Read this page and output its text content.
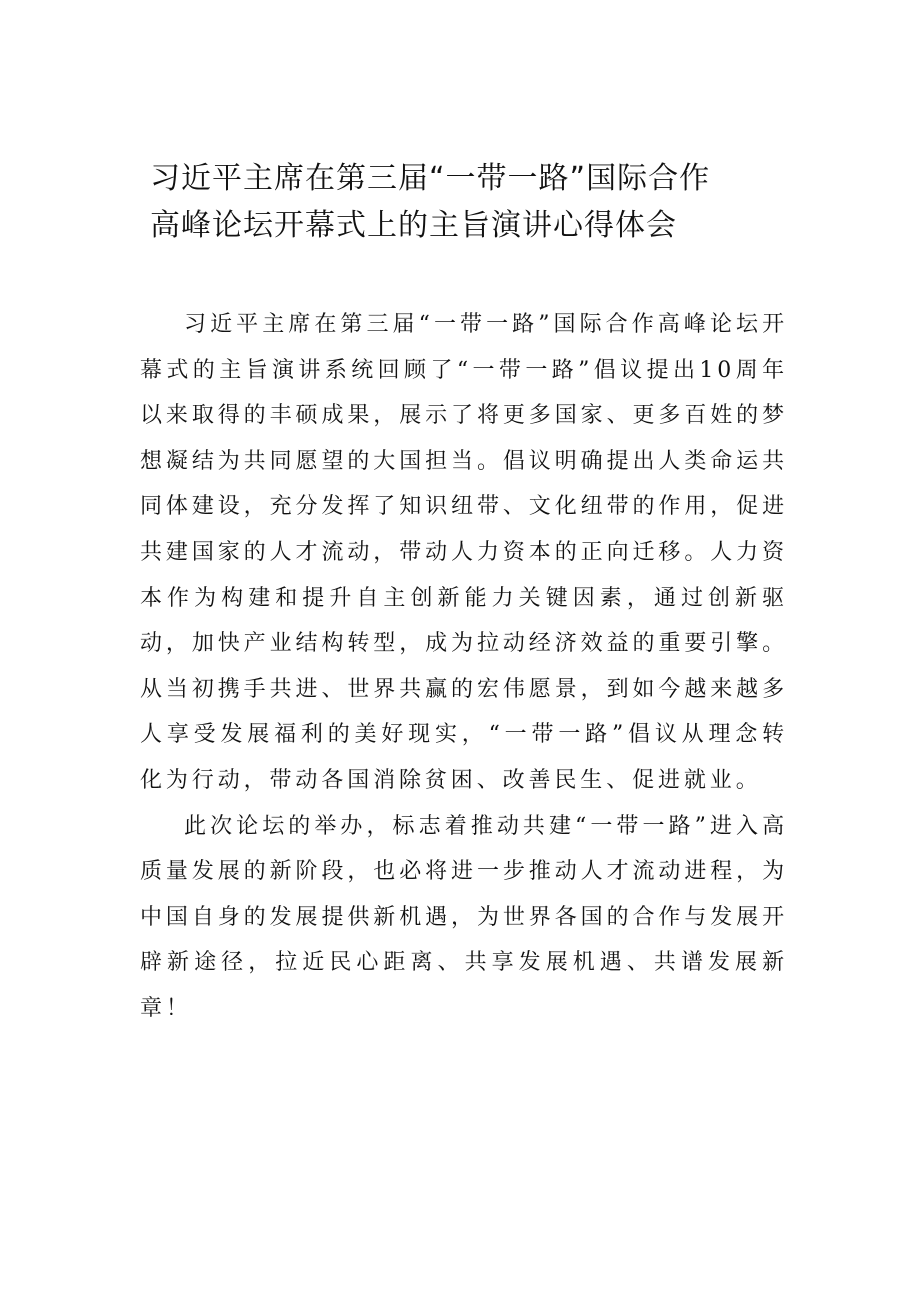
习近平主席在第三届“一带一路”国际合作
高峰论坛开幕式上的主旨演讲心得体会

习近平主席在第三届“一带一路”国际合作高峰论坛开幕式的主旨演讲系统回顾了“一带一路”倡议提出10周年以来取得的丰硕成果，展示了将更多国家、更多百姓的梦想凝结为共同愿望的大国担当。倡议明确提出人类命运共同体建设，充分发挥了知识纽带、文化纽带的作用，促进共建国家的人才流动，带动人力资本的正向迁移。人力资本作为构建和提升自主创新能力关键因素，通过创新驱动，加快产业结构转型，成为拉动经济效益的重要引擎。从当初携手共进、世界共赢的宏伟愿景，到如今越来越多人享受发展福利的美好现实，“一带一路”倡议从理念转化为行动，带动各国消除贫困、改善民生、促进就业。

此次论坛的举办，标志着推动共建“一带一路”进入高质量发展的新阶段，也必将进一步推动人才流动进程，为中国自身的发展提供新机遇，为世界各国的合作与发展开辟新途径，拉近民心距离、共享发展机遇、共谱发展新章！
